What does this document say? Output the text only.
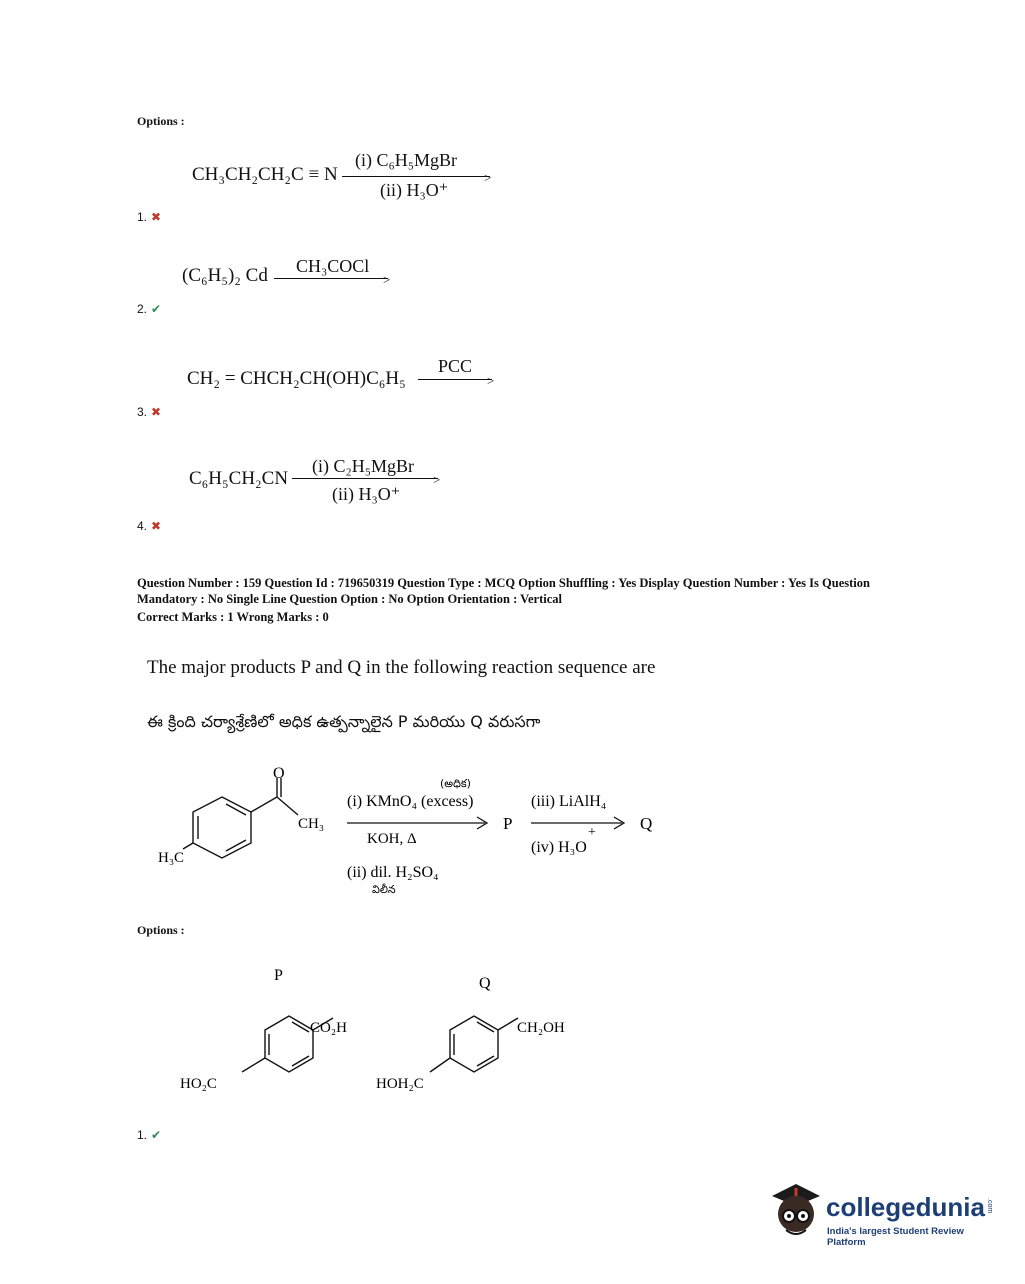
Options :
CH₃CH₂CH₂C ≡ N
(i) C₆H₅MgBr
>
(ii) H₃O⁺
1. ✖
(C₆H₅)₂ Cd CH₃COCl
>
2. ✔
CH₂ = CHCH₂CH(OH)C₆H₅
PCC
>
3. ✖
C₆H₅CH₂CN
(i) C₂H₅MgBr
>
(ii) H₃O⁺
4. ✖
Question Number : 159 Question Id : 719650319 Question Type : MCQ Option Shuffling : Yes Display Question Number : Yes Is Question
Mandatory : No Single Line Question Option : No Option Orientation : Vertical
Correct Marks : 1 Wrong Marks : 0
The major products P and Q in the following reaction sequence are
ఈ క్రింది చర్యాశ్రేణిలో అధిక ఉత్పన్నాలైన P మరియు Q వరుసగా
O
CH₃
H₃C
(అధిక)
(i) KMnO₄ (excess)
KOH, Δ
(ii) dil. H₂SO₄
విలీన
P
(iii) LiAlH₄
+
(iv) H₃O
Q
Options :
P	Q
CO₂H
HO₂C
CH₂OH
HOH₂C
1. ✔
collegedunia .com
India's largest Student Review Platform
